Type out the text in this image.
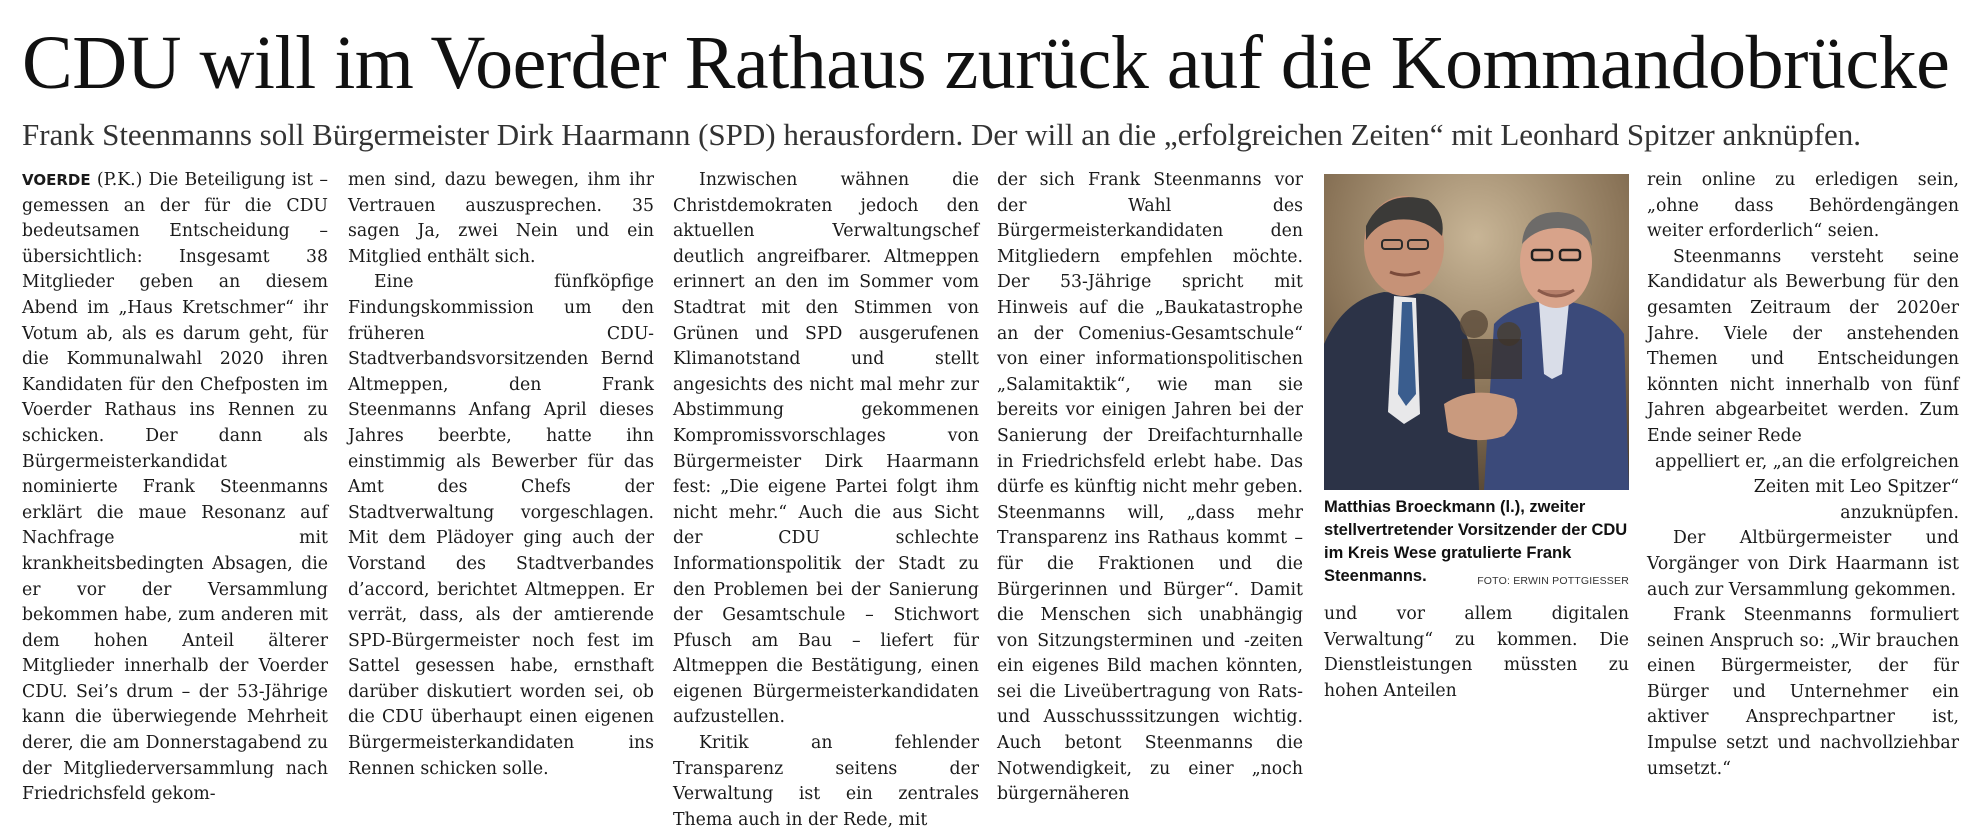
CDU will im Voerder Rathaus zurück auf die Kommandobrücke
Frank Steenmanns soll Bürgermeister Dirk Haarmann (SPD) herausfordern. Der will an die „erfolgreichen Zeiten“ mit Leonhard Spitzer anknüpfen.

VOERDE (P.K.) Die Beteiligung ist – gemessen an der für die CDU bedeutsamen Entscheidung – übersichtlich: Insgesamt 38 Mitglieder geben an diesem Abend im „Haus Kretschmer“ ihr Votum ab, als es darum geht, für die Kommunalwahl 2020 ihren Kandidaten für den Chefposten im Voerder Rathaus ins Rennen zu schicken. Der dann als Bürgermeisterkandidat nominierte Frank Steenmanns erklärt die maue Resonanz auf Nachfrage mit krankheitsbedingten Absagen, die er vor der Versammlung bekommen habe, zum anderen mit dem hohen Anteil älterer Mitglieder innerhalb der Voerder CDU. Sei’s drum – der 53-Jährige kann die überwiegende Mehrheit derer, die am Donnerstagabend zu der Mitgliederversammlung nach Friedrichsfeld gekom-

men sind, dazu bewegen, ihm ihr Vertrauen auszusprechen. 35 sagen Ja, zwei Nein und ein Mitglied enthält sich.

Eine fünfköpfige Findungskommission um den früheren CDU-Stadtverbandsvorsitzenden Bernd Altmeppen, den Frank Steenmanns Anfang April dieses Jahres beerbte, hatte ihn einstimmig als Bewerber für das Amt des Chefs der Stadtverwaltung vorgeschlagen. Mit dem Plädoyer ging auch der Vorstand des Stadtverbandes d’accord, berichtet Altmeppen. Er verrät, dass, als der amtierende SPD-Bürgermeister noch fest im Sattel gesessen habe, ernsthaft darüber diskutiert worden sei, ob die CDU überhaupt einen eigenen Bürgermeisterkandidaten ins Rennen schicken solle.

Inzwischen wähnen die Christdemokraten jedoch den aktuellen Verwaltungschef deutlich angreifbarer. Altmeppen erinnert an den im Sommer vom Stadtrat mit den Stimmen von Grünen und SPD ausgerufenen Klimanotstand und stellt angesichts des nicht mal mehr zur Abstimmung gekommenen Kompromissvorschlages von Bürgermeister Dirk Haarmann fest: „Die eigene Partei folgt ihm nicht mehr.“ Auch die aus Sicht der CDU schlechte Informationspolitik der Stadt zu den Problemen bei der Sanierung der Gesamtschule – Stichwort Pfusch am Bau – liefert für Altmeppen die Bestätigung, einen eigenen Bürgermeisterkandidaten aufzustellen.

Kritik an fehlender Transparenz seitens der Verwaltung ist ein zentrales Thema auch in der Rede, mit

der sich Frank Steenmanns vor der Wahl des Bürgermeisterkandidaten den Mitgliedern empfehlen möchte. Der 53-Jährige spricht mit Hinweis auf die „Baukatastrophe an der Comenius-Gesamtschule“ von einer informationspolitischen „Salamitaktik“, wie man sie bereits vor einigen Jahren bei der Sanierung der Dreifachturnhalle in Friedrichsfeld erlebt habe. Das dürfe es künftig nicht mehr geben. Steenmanns will, „dass mehr Transparenz ins Rathaus kommt – für die Fraktionen und die Bürgerinnen und Bürger“. Damit die Menschen sich unabhängig von Sitzungsterminen und -zeiten ein eigenes Bild machen könnten, sei die Liveübertragung von Rats- und Ausschusssitzungen wichtig. Auch betont Steenmanns die Notwendigkeit, zu einer „noch bürgernäheren

Matthias Broeckmann (l.), zweiter stellvertretender Vorsitzender der CDU im Kreis Wese gratulierte Frank Steenmanns.	FOTO: ERWIN POTTGIESSER

und vor allem digitalen Verwaltung“ zu kommen. Die Dienstleistungen müssten zu hohen Anteilen

rein online zu erledigen sein, „ohne dass Behördengängen weiter erforderlich“ seien.

Steenmanns versteht seine Kandidatur als Bewerbung für den gesamten Zeitraum der 2020er Jahre. Viele der anstehenden Themen und Entscheidungen könnten nicht innerhalb von fünf Jahren abgearbeitet werden. Zum Ende seiner Rede

appelliert er, „an die erfolgreichen Zeiten mit Leo Spitzer“ anzuknüpfen.

Der Altbürgermeister und Vorgänger von Dirk Haarmann ist auch zur Versammlung gekommen.

Frank Steenmanns formuliert seinen Anspruch so: „Wir brauchen einen Bürgermeister, der für Bürger und Unternehmer ein aktiver Ansprechpartner ist, Impulse setzt und nachvollziehbar umsetzt.“
